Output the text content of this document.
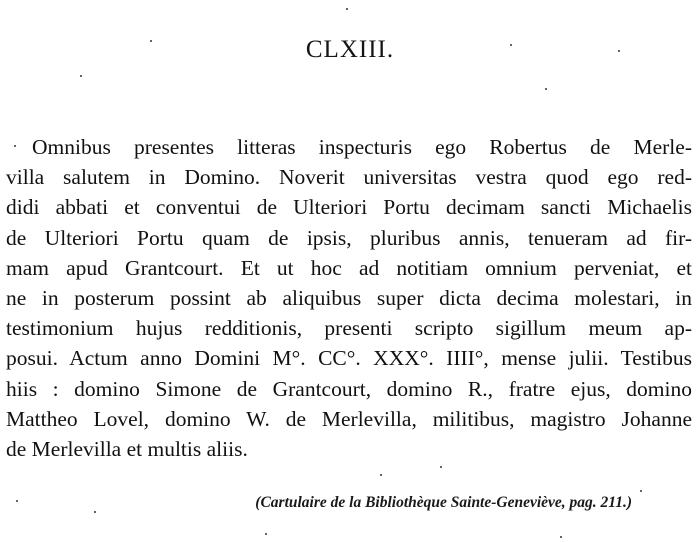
CLXIII.
Omnibus presentes litteras inspecturis ego Robertus de Merle-
villa salutem in Domino. Noverit universitas vestra quod ego red-
didi abbati et conventui de Ulteriori Portu decimam sancti Michaelis
de Ulteriori Portu quam de ipsis, pluribus annis, tenueram ad fir-
mam apud Grantcourt. Et ut hoc ad notitiam omnium perveniat, et
ne in posterum possint ab aliquibus super dicta decima molestari, in
testimonium hujus redditionis, presenti scripto sigillum meum ap-
posui. Actum anno Domini M°. CC°. XXX°. IIII°, mense julii. Testibus
hiis : domino Simone de Grantcourt, domino R., fratre ejus, domino
Mattheo Lovel, domino W. de Merlevilla, militibus, magistro Johanne
de Merlevilla et multis aliis.
(Cartulaire de la Bibliothèque Sainte-Geneviève, pag. 211.)
